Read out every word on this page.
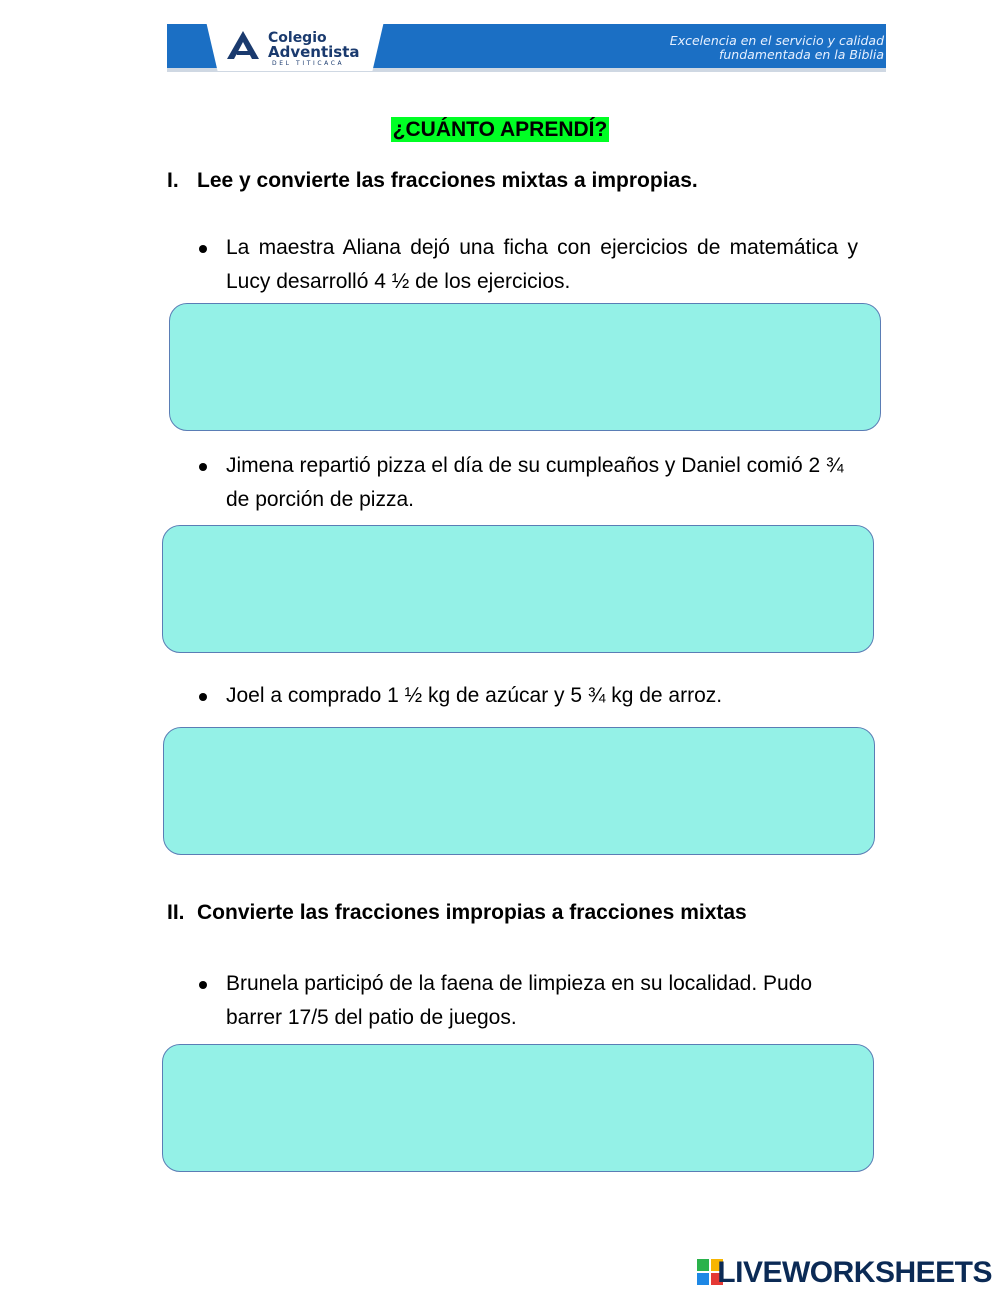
Colegio
Adventista
DEL TITICACA
Excelencia en el servicio y calidad
fundamentada en la Biblia
¿CUÁNTO APRENDÍ?
I. Lee y convierte las fracciones mixtas a impropias.
La maestra Aliana dejó una ficha con ejercicios de matemática y Lucy desarrolló 4 ½ de los ejercicios.
Jimena repartió pizza el día de su cumpleaños y Daniel comió 2 ¾ de porción de pizza.
Joel a comprado 1 ½ kg de azúcar y 5 ¾ kg de arroz.
II. Convierte las fracciones impropias a fracciones mixtas
Brunela participó de la faena de limpieza en su localidad. Pudo barrer 17/5 del patio de juegos.
LIVEWORKSHEETS
